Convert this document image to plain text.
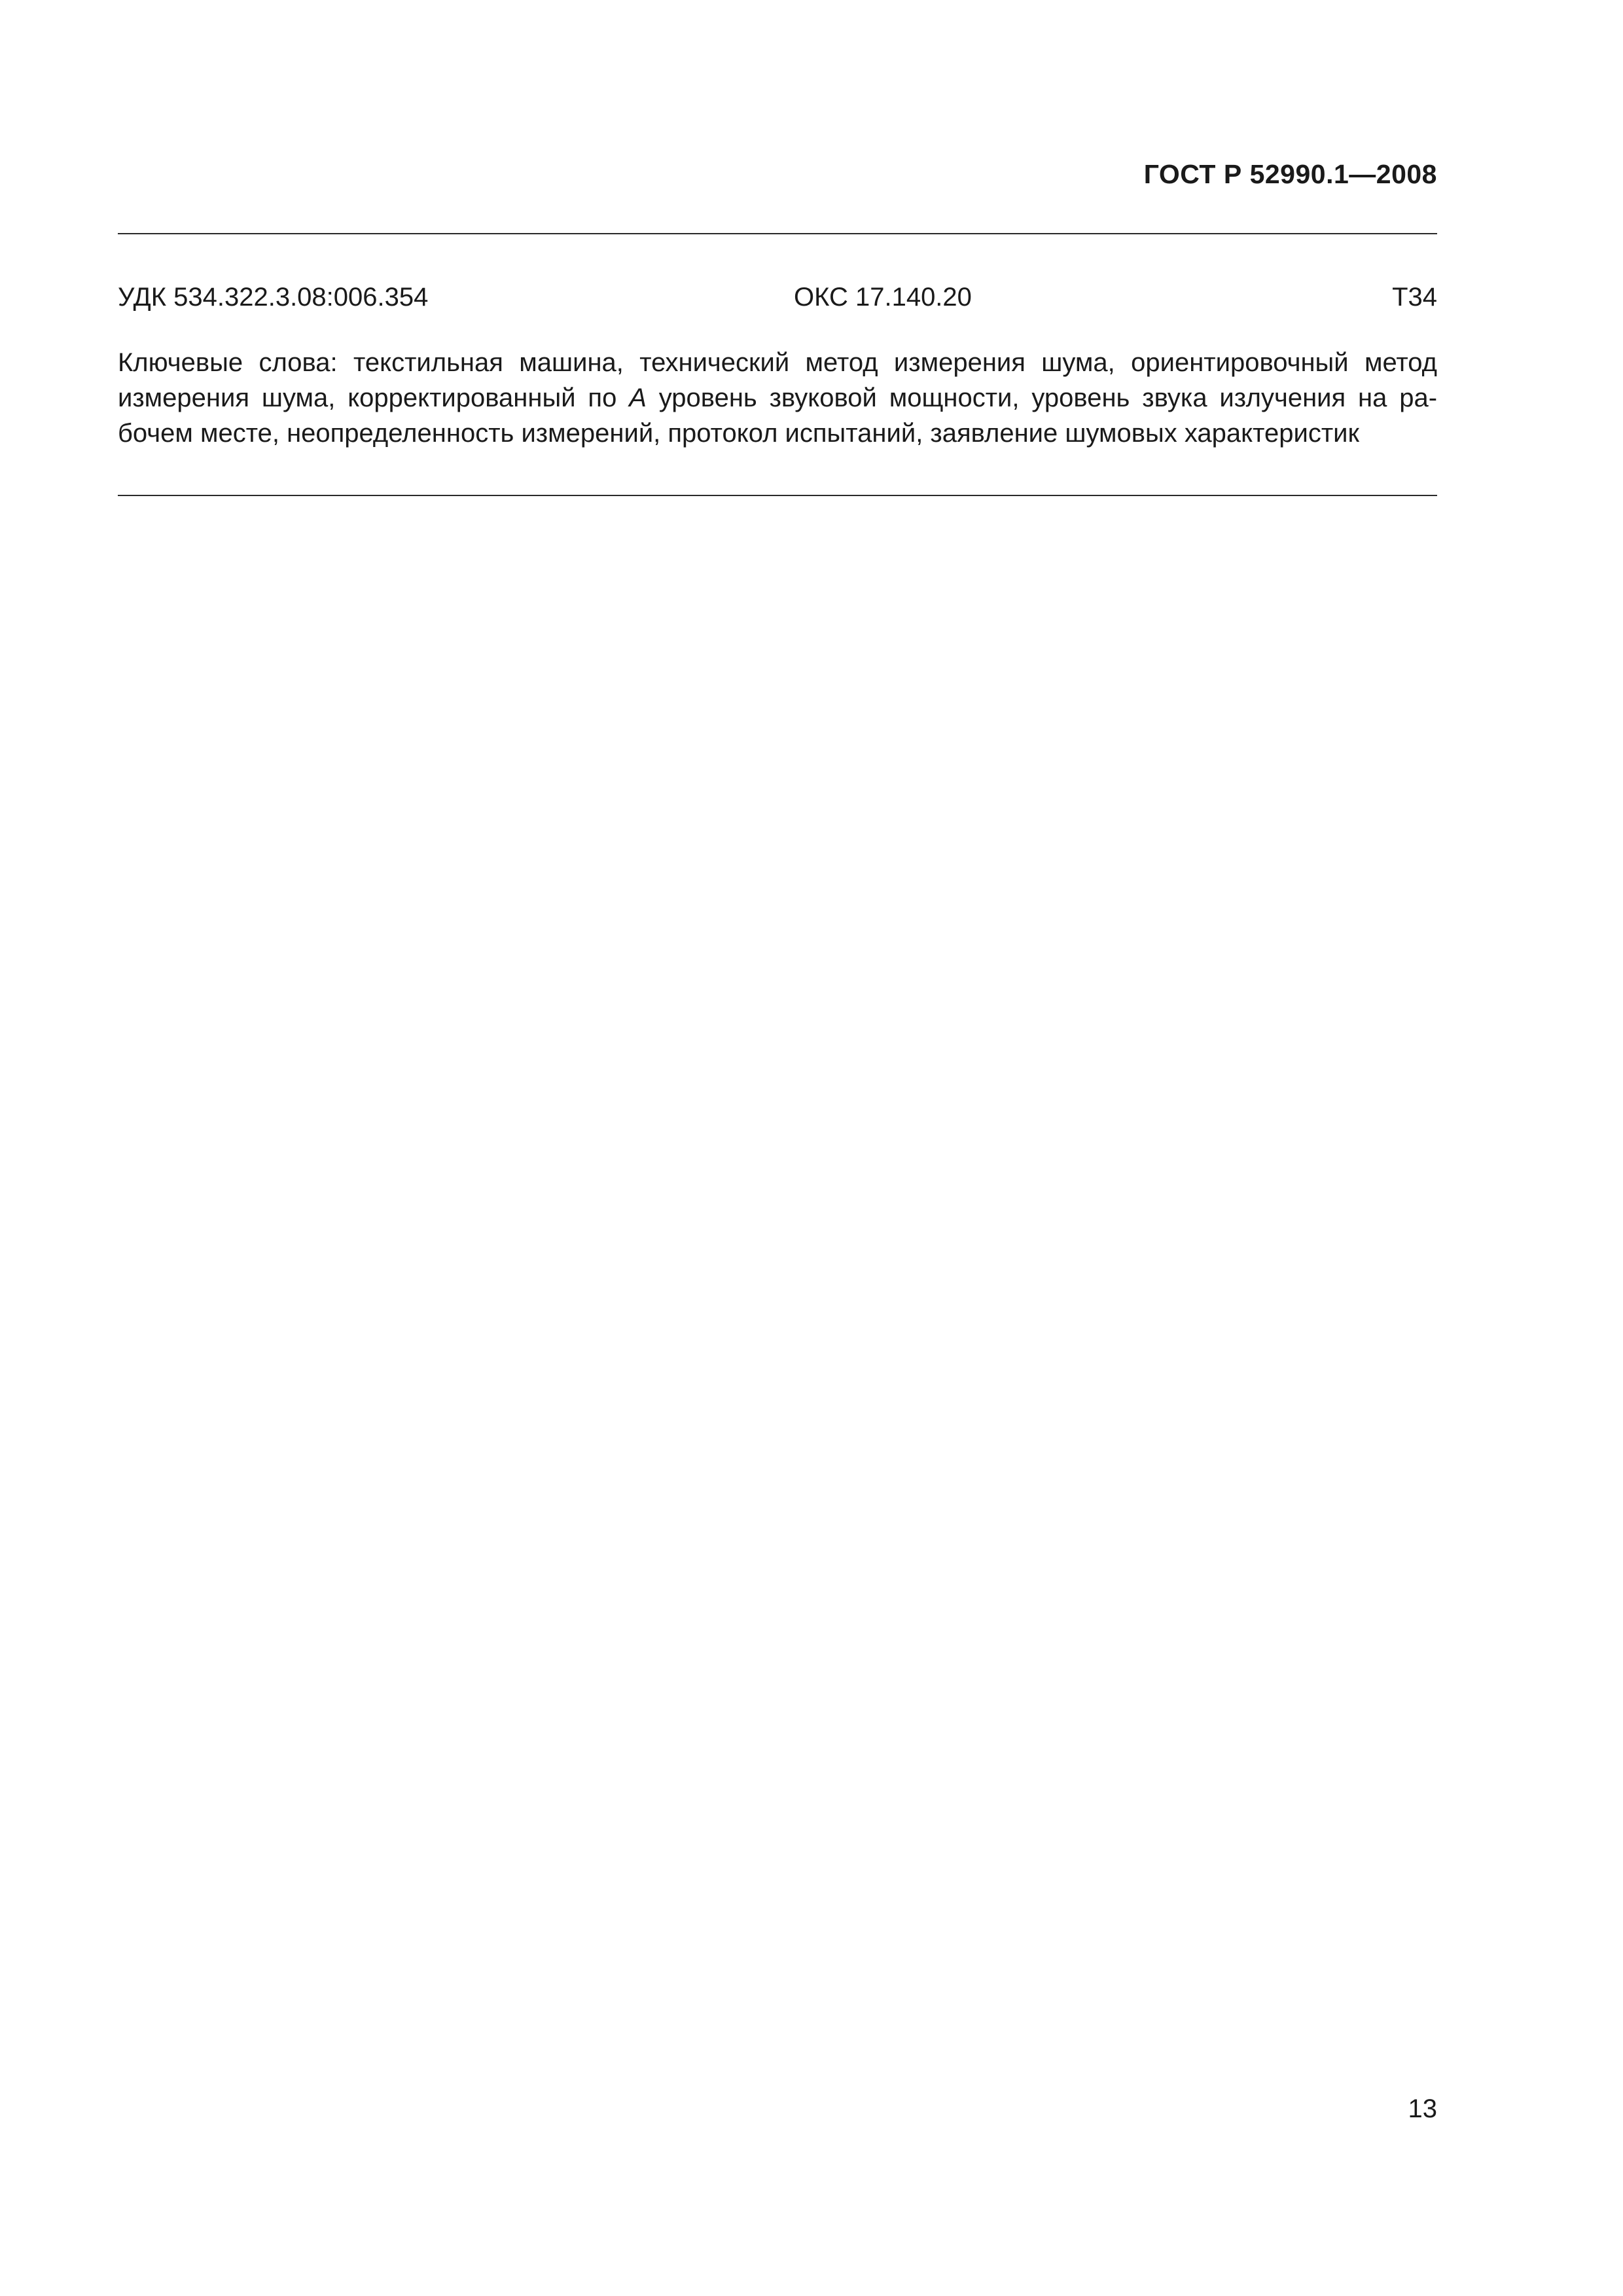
ГОСТ Р 52990.1—2008
УДК 534.322.3.08:006.354	ОКС 17.140.20	Т34
Ключевые слова: текстильная машина, технический метод измерения шума, ориентировочный метод
измерения шума, корректированный по А уровень звуковой мощности, уровень звука излучения на ра-
бочем месте, неопределенность измерений, протокол испытаний, заявление шумовых характеристик
13
